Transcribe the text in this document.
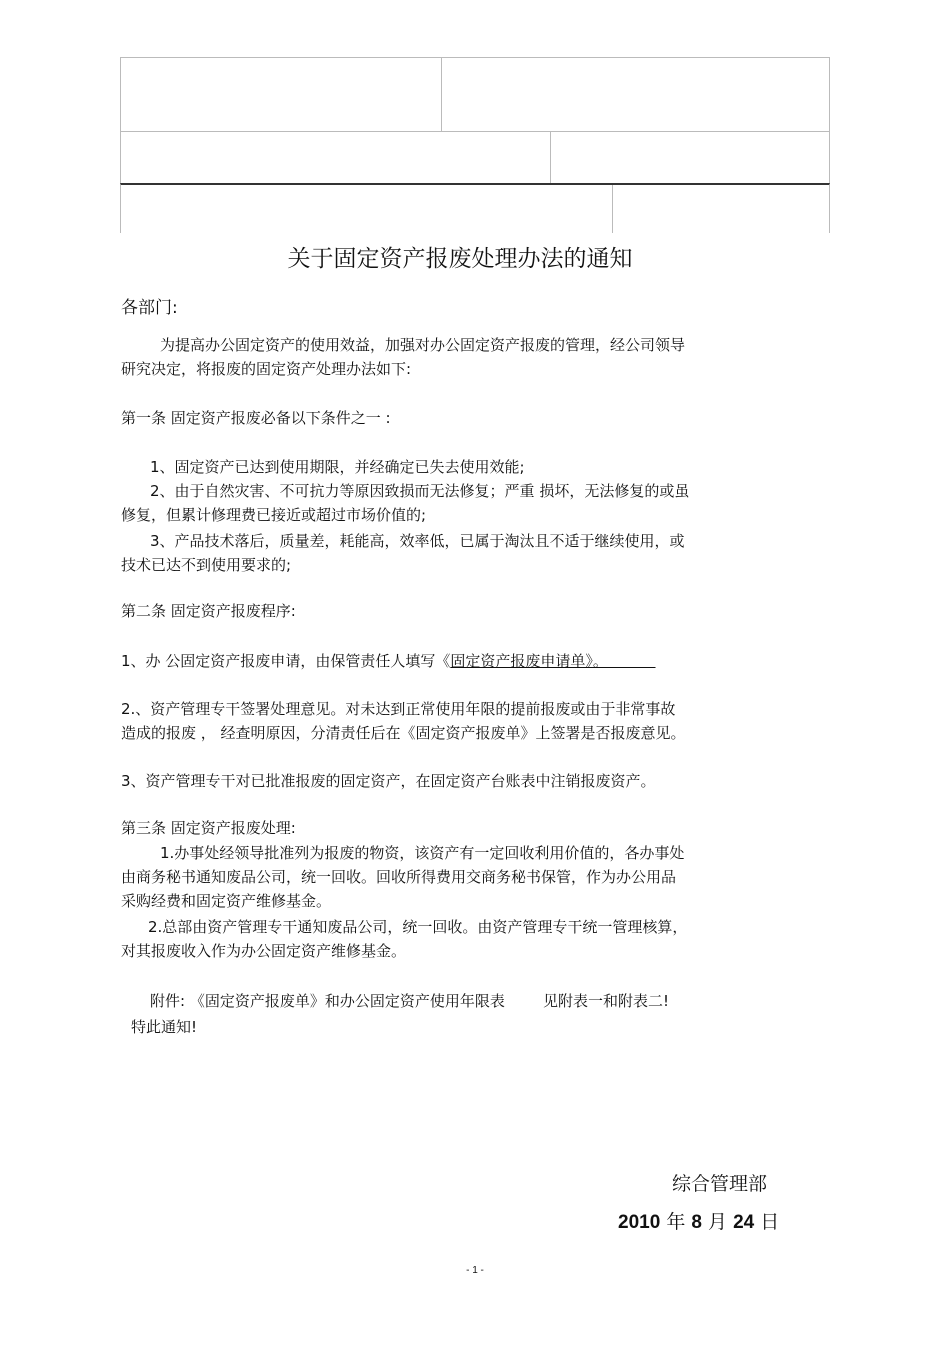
关于固定资产报废处理办法的通知
各部门:
为提高办公固定资产的使用效益，加强对办公固定资产报废的管理，经公司领导
研究决定，将报废的固定资产处理办法如下:
第一条 固定资产报废必备以下条件之一 :
1、固定资产已达到使用期限，并经确定已失去使用效能;
2、由于自然灾害、不可抗力等原因致损而无法修复；严重 损坏，无法修复的或虽
修复，但累计修理费已接近或超过市场价值的;
3、产品技术落后，质量差，耗能高，效率低，已属于淘汰且不适于继续使用，或
技术已达不到使用要求的;
第二条 固定资产报废程序:
1、办 公固定资产报废申请，由保管责任人填写《固定资产报废申请单》。
2.、资产管理专干签署处理意见。对未达到正常使用年限的提前报废或由于非常事故
造成的报废 ， 经查明原因，分清责任后在《固定资产报废单》上签署是否报废意见。
3、资产管理专干对已批准报废的固定资产，在固定资产台账表中注销报废资产。
第三条 固定资产报废处理:
1.办事处经领导批准列为报废的物资，该资产有一定回收利用价值的，各办事处
由商务秘书通知废品公司，统一回收。回收所得费用交商务秘书保管，作为办公用品
采购经费和固定资产维修基金。
2.总部由资产管理专干通知废品公司，统一回收。由资产管理专干统一管理核算，
对其报废收入作为办公固定资产维修基金。
附件: 《固定资产报废单》和办公固定资产使用年限表        见附表一和附表二!
特此通知!
综合管理部
2010 年 8 月 24 日
- 1 -
